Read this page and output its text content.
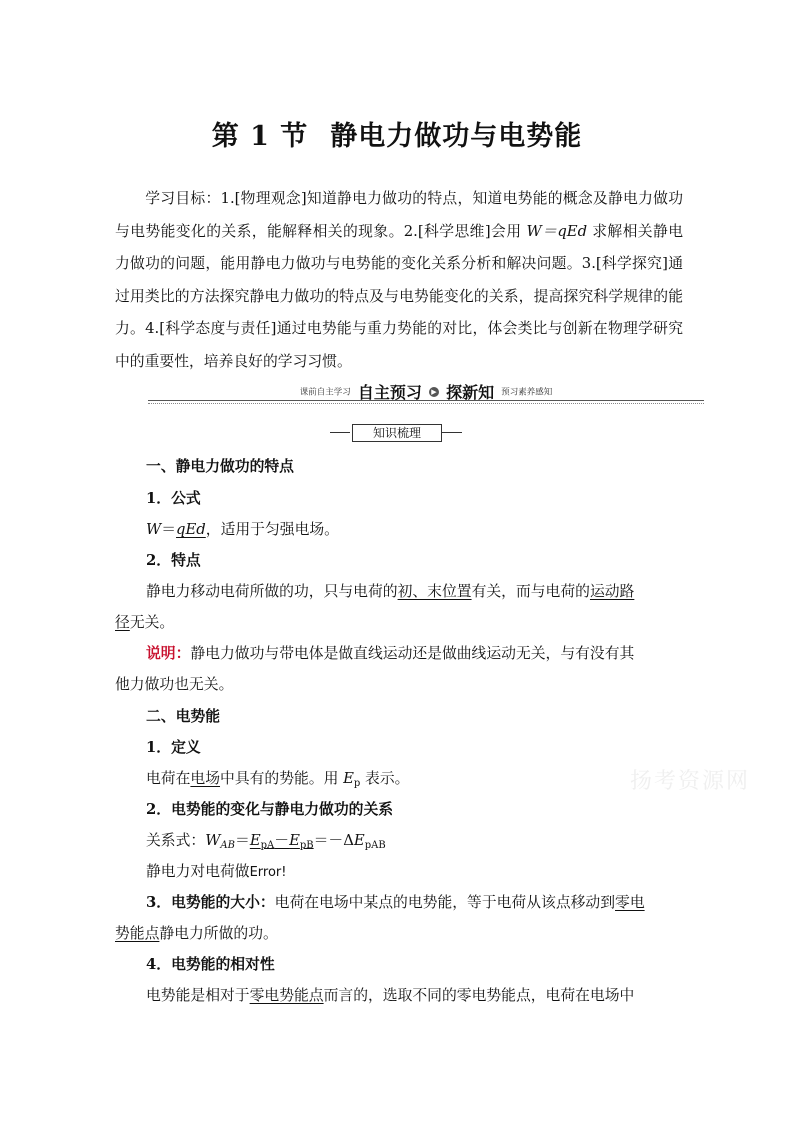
第 1 节 静电力做功与电势能
学习目标：1.[物理观念]知道静电力做功的特点，知道电势能的概念及静电力做功与电势能变化的关系，能解释相关的现象。2.[科学思维]会用 W＝qEd 求解相关静电力做功的问题，能用静电力做功与电势能的变化关系分析和解决问题。3.[科学探究]通过用类比的方法探究静电力做功的特点及与电势能变化的关系，提高探究科学规律的能力。4.[科学态度与责任]通过电势能与重力势能的对比，体会类比与创新在物理学研究中的重要性，培养良好的学习习惯。
课前自主学习 自主预习 ▶ 探新知 预习素养感知
知识梳理
一、静电力做功的特点
1．公式
W＝qEd，适用于匀强电场。
2．特点
静电力移动电荷所做的功，只与电荷的初、末位置有关，而与电荷的运动路
径无关。
说明：静电力做功与带电体是做直线运动还是做曲线运动无关，与有没有其
他力做功也无关。
二、电势能
1．定义
电荷在电场中具有的势能。用 $E_p$ 表示。
2．电势能的变化与静电力做功的关系
关系式：$W_{AB}=E_{pA}-E_{pB}=-\Delta E_{pAB}$
静电力对电荷做Error!
3．电势能的大小：电荷在电场中某点的电势能，等于电荷从该点移动到零电
势能点静电力所做的功。
4．电势能的相对性
电势能是相对于零电势能点而言的，选取不同的零电势能点，电荷在电场中
扬考资源网
